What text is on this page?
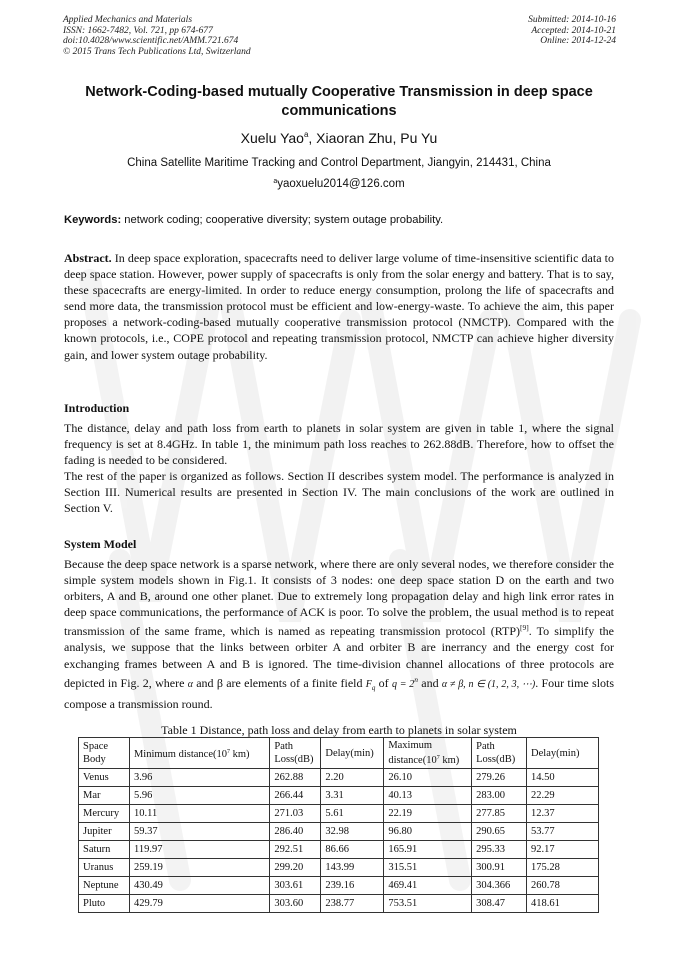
Applied Mechanics and Materials
ISSN: 1662-7482, Vol. 721, pp 674-677
doi:10.4028/www.scientific.net/AMM.721.674
© 2015 Trans Tech Publications Ltd, Switzerland
Submitted: 2014-10-16
Accepted: 2014-10-21
Online: 2014-12-24
Network-Coding-based mutually Cooperative Transmission in deep space communications
Xuelu Yao$^a$, Xiaoran Zhu, Pu Yu
China Satellite Maritime Tracking and Control Department, Jiangyin, 214431, China
$^a$yaoxuelu2014@126.com
Keywords: network coding; cooperative diversity; system outage probability.
Abstract. In deep space exploration, spacecrafts need to deliver large volume of time-insensitive scientific data to deep space station. However, power supply of spacecrafts is only from the solar energy and battery. That is to say, these spacecrafts are energy-limited. In order to reduce energy consumption, prolong the life of spacecrafts and send more data, the transmission protocol must be efficient and low-energy-waste. To achieve the aim, this paper proposes a network-coding-based mutually cooperative transmission protocol (NMCTP). Compared with the known protocols, i.e., COPE protocol and repeating transmission protocol, NMCTP can achieve higher diversity gain, and lower system outage probability.
Introduction
The distance, delay and path loss from earth to planets in solar system are given in table 1, where the signal frequency is set at 8.4GHz. In table 1, the minimum path loss reaches to 262.88dB. Therefore, how to offset the fading is needed to be considered.
The rest of the paper is organized as follows. Section II describes system model. The performance is analyzed in Section III. Numerical results are presented in Section IV. The main conclusions of the work are outlined in Section V.
System Model
Because the deep space network is a sparse network, where there are only several nodes, we therefore consider the simple system models shown in Fig.1. It consists of 3 nodes: one deep space station D on the earth and two orbiters, A and B, around one other planet. Due to extremely long propagation delay and high link error rates in deep space communications, the performance of ACK is poor. To solve the problem, the usual method is to repeat transmission of the same frame, which is named as repeating transmission protocol (RTP)[9]. To simplify the analysis, we suppose that the links between orbiter A and orbiter B are inerrancy and the energy cost for exchanging frames between A and B is ignored. The time-division channel allocations of three protocols are depicted in Fig. 2, where α and β are elements of a finite field $F_q$ of $q = 2^n$ and α ≠ β, n ∈ (1, 2, 3, ⋯). Four time slots compose a transmission round.
Table 1 Distance, path loss and delay from earth to planets in solar system
Space Body	Minimum $distance(10^7$ km)	Path Loss(dB)	Delay(min)	Maximum $distance(10^7$ km)	Path Loss(dB)	Delay(min)
Venus	3.96	262.88	2.20	26.10	279.26	14.50
Mar	5.96	266.44	3.31	40.13	283.00	22.29
Mercury	10.11	271.03	5.61	22.19	277.85	12.37
Jupiter	59.37	286.40	32.98	96.80	290.65	53.77
Saturn	119.97	292.51	86.66	165.91	295.33	92.17
Uranus	259.19	299.20	143.99	315.51	300.91	175.28
Neptune	430.49	303.61	239.16	469.41	304.366	260.78
Pluto	429.79	303.60	238.77	753.51	308.47	418.61
